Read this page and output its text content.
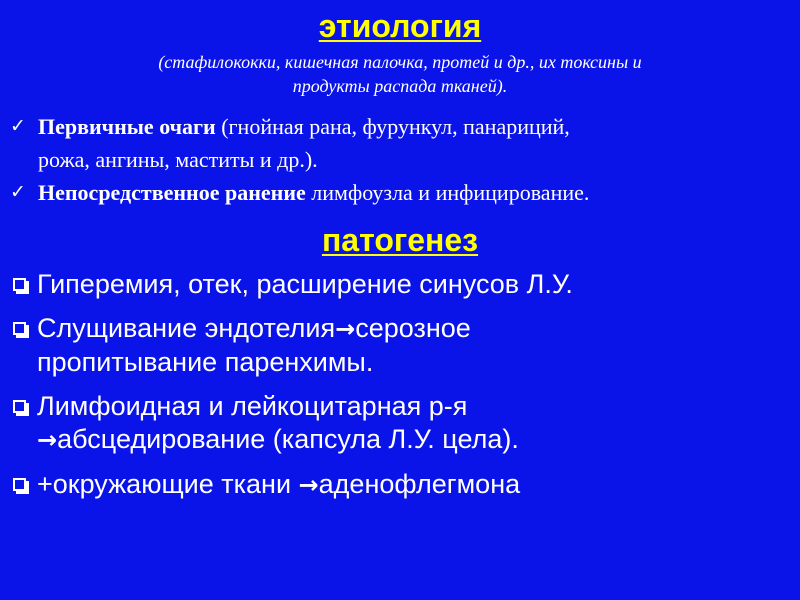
этиология
(стафилококки, кишечная палочка, протей и др., их токсины и
продукты распада тканей).
✓ Первичные очаги (гнойная рана, фурункул, панариций,
рожа, ангины, маститы и др.).
✓ Непосредственное ранение лимфоузла и инфицирование.
патогенез
Гиперемия, отек, расширение синусов Л.У.
Слущивание эндотелия→серозное
пропитывание паренхимы.
Лимфоидная и лейкоцитарная р-я
→абсцедирование (капсула Л.У. цела).
+окружающие ткани →аденофлегмона
